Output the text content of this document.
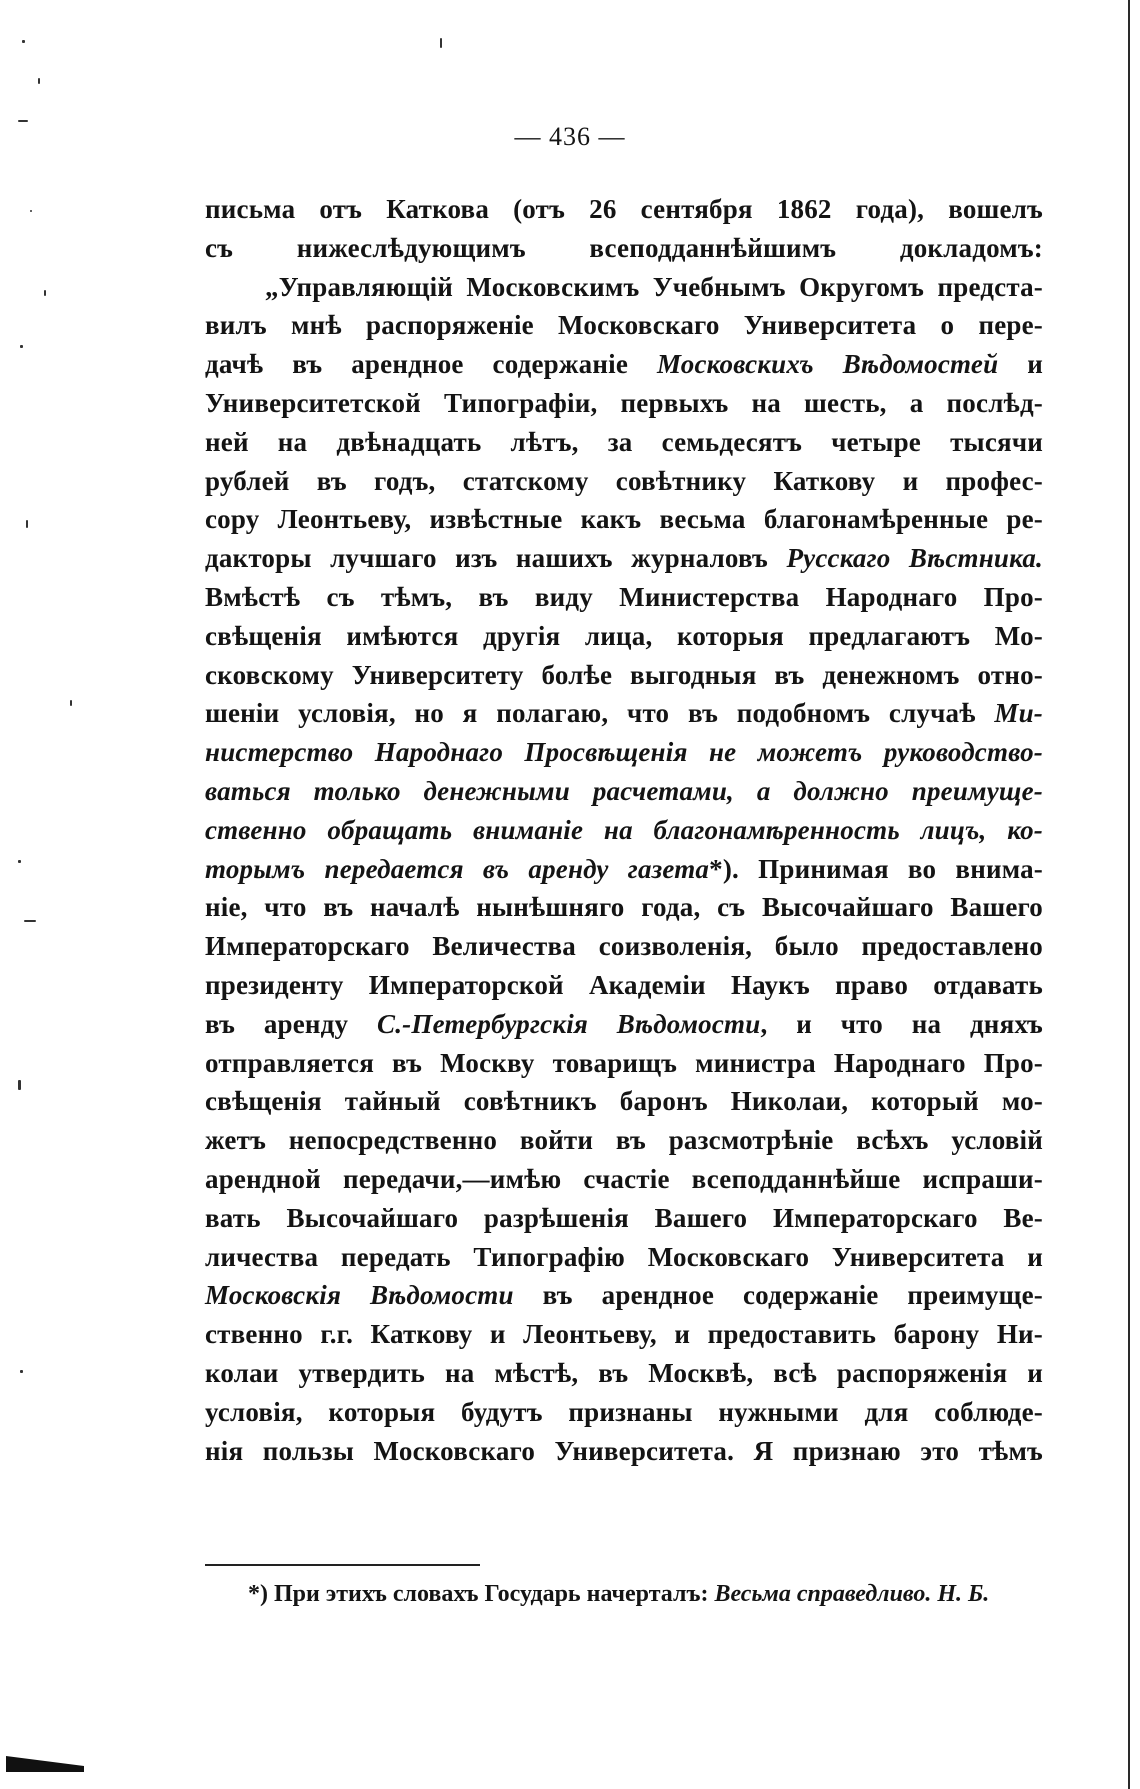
— 436 —
письма отъ Каткова (отъ 26 сентября 1862 года), вошелъ
съ нижеслѣдующимъ всеподданнѣйшимъ докладомъ:
„Управляющій Московскимъ Учебнымъ Округомъ предста-
вилъ мнѣ распоряженіе Московскаго Университета о пере-
дачѣ въ арендное содержаніе Московскихъ Вѣдомостей и
Университетской Типографіи, первыхъ на шесть, а послѣд-
ней на двѣнадцать лѣтъ, за семьдесятъ четыре тысячи
рублей въ годъ, статскому совѣтнику Каткову и профес-
сору Леонтьеву, извѣстные какъ весьма благонамѣренные ре-
дакторы лучшаго изъ нашихъ журналовъ Русскаго Вѣстника.
Вмѣстѣ съ тѣмъ, въ виду Министерства Народнаго Про-
свѣщенія имѣются другія лица, которыя предлагаютъ Мо-
сковскому Университету болѣе выгодныя въ денежномъ отно-
шеніи условія, но я полагаю, что въ подобномъ случаѣ Ми-
нистерство Народнаго Просвѣщенія не можетъ руководство-
ваться только денежными расчетами, а должно преимуще-
ственно обращать вниманіе на благонамѣренность лицъ, ко-
торымъ передается въ аренду газета*). Принимая во внима-
ніе, что въ началѣ нынѣшняго года, съ Высочайшаго Вашего
Императорскаго Величества соизволенія, было предоставлено
президенту Императорской Академіи Наукъ право отдавать
въ аренду С.-Петербургскія Вѣдомости, и что на дняхъ
отправляется въ Москву товарищъ министра Народнаго Про-
свѣщенія тайный совѣтникъ баронъ Николаи, который мо-
жетъ непосредственно войти въ разсмотрѣніе всѣхъ условій
арендной передачи,—имѣю счастіе всеподданнѣйше испраши-
вать Высочайшаго разрѣшенія Вашего Императорскаго Ве-
личества передать Типографію Московскаго Университета и
Московскія Вѣдомости въ арендное содержаніе преимуще-
ственно г.г. Каткову и Леонтьеву, и предоставить барону Ни-
колаи утвердить на мѣстѣ, въ Москвѣ, всѣ распоряженія и
условія, которыя будутъ признаны нужными для соблюде-
нія пользы Московскаго Университета. Я признаю это тѣмъ
*) При этихъ словахъ Государь начерталъ: Весьма справедливо. Н. Б.
